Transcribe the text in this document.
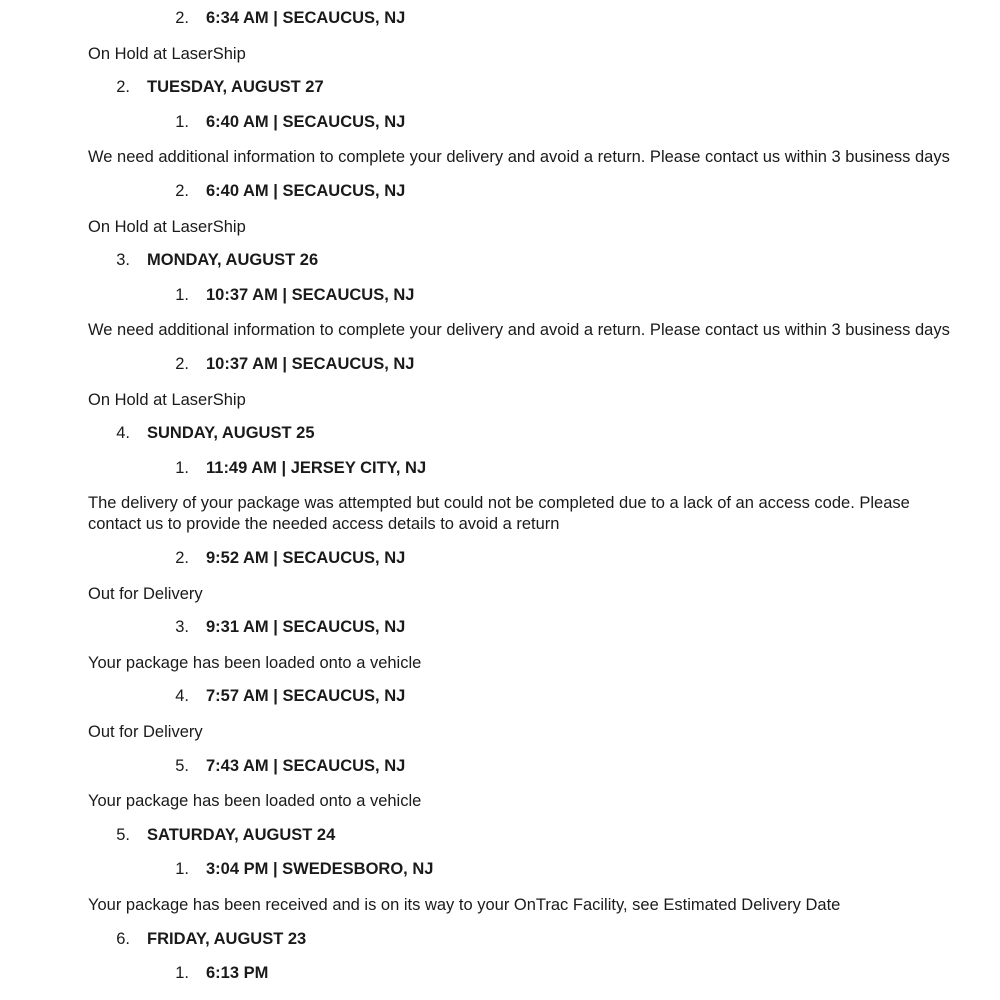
2. 6:34 AM | SECAUCUS, NJ
On Hold at LaserShip
2. TUESDAY, AUGUST 27
1. 6:40 AM | SECAUCUS, NJ
We need additional information to complete your delivery and avoid a return. Please contact us within 3 business days
2. 6:40 AM | SECAUCUS, NJ
On Hold at LaserShip
3. MONDAY, AUGUST 26
1. 10:37 AM | SECAUCUS, NJ
We need additional information to complete your delivery and avoid a return. Please contact us within 3 business days
2. 10:37 AM | SECAUCUS, NJ
On Hold at LaserShip
4. SUNDAY, AUGUST 25
1. 11:49 AM | JERSEY CITY, NJ
The delivery of your package was attempted but could not be completed due to a lack of an access code. Please contact us to provide the needed access details to avoid a return
2. 9:52 AM | SECAUCUS, NJ
Out for Delivery
3. 9:31 AM | SECAUCUS, NJ
Your package has been loaded onto a vehicle
4. 7:57 AM | SECAUCUS, NJ
Out for Delivery
5. 7:43 AM | SECAUCUS, NJ
Your package has been loaded onto a vehicle
5. SATURDAY, AUGUST 24
1. 3:04 PM | SWEDESBORO, NJ
Your package has been received and is on its way to your OnTrac Facility, see Estimated Delivery Date
6. FRIDAY, AUGUST 23
1. 6:13 PM
